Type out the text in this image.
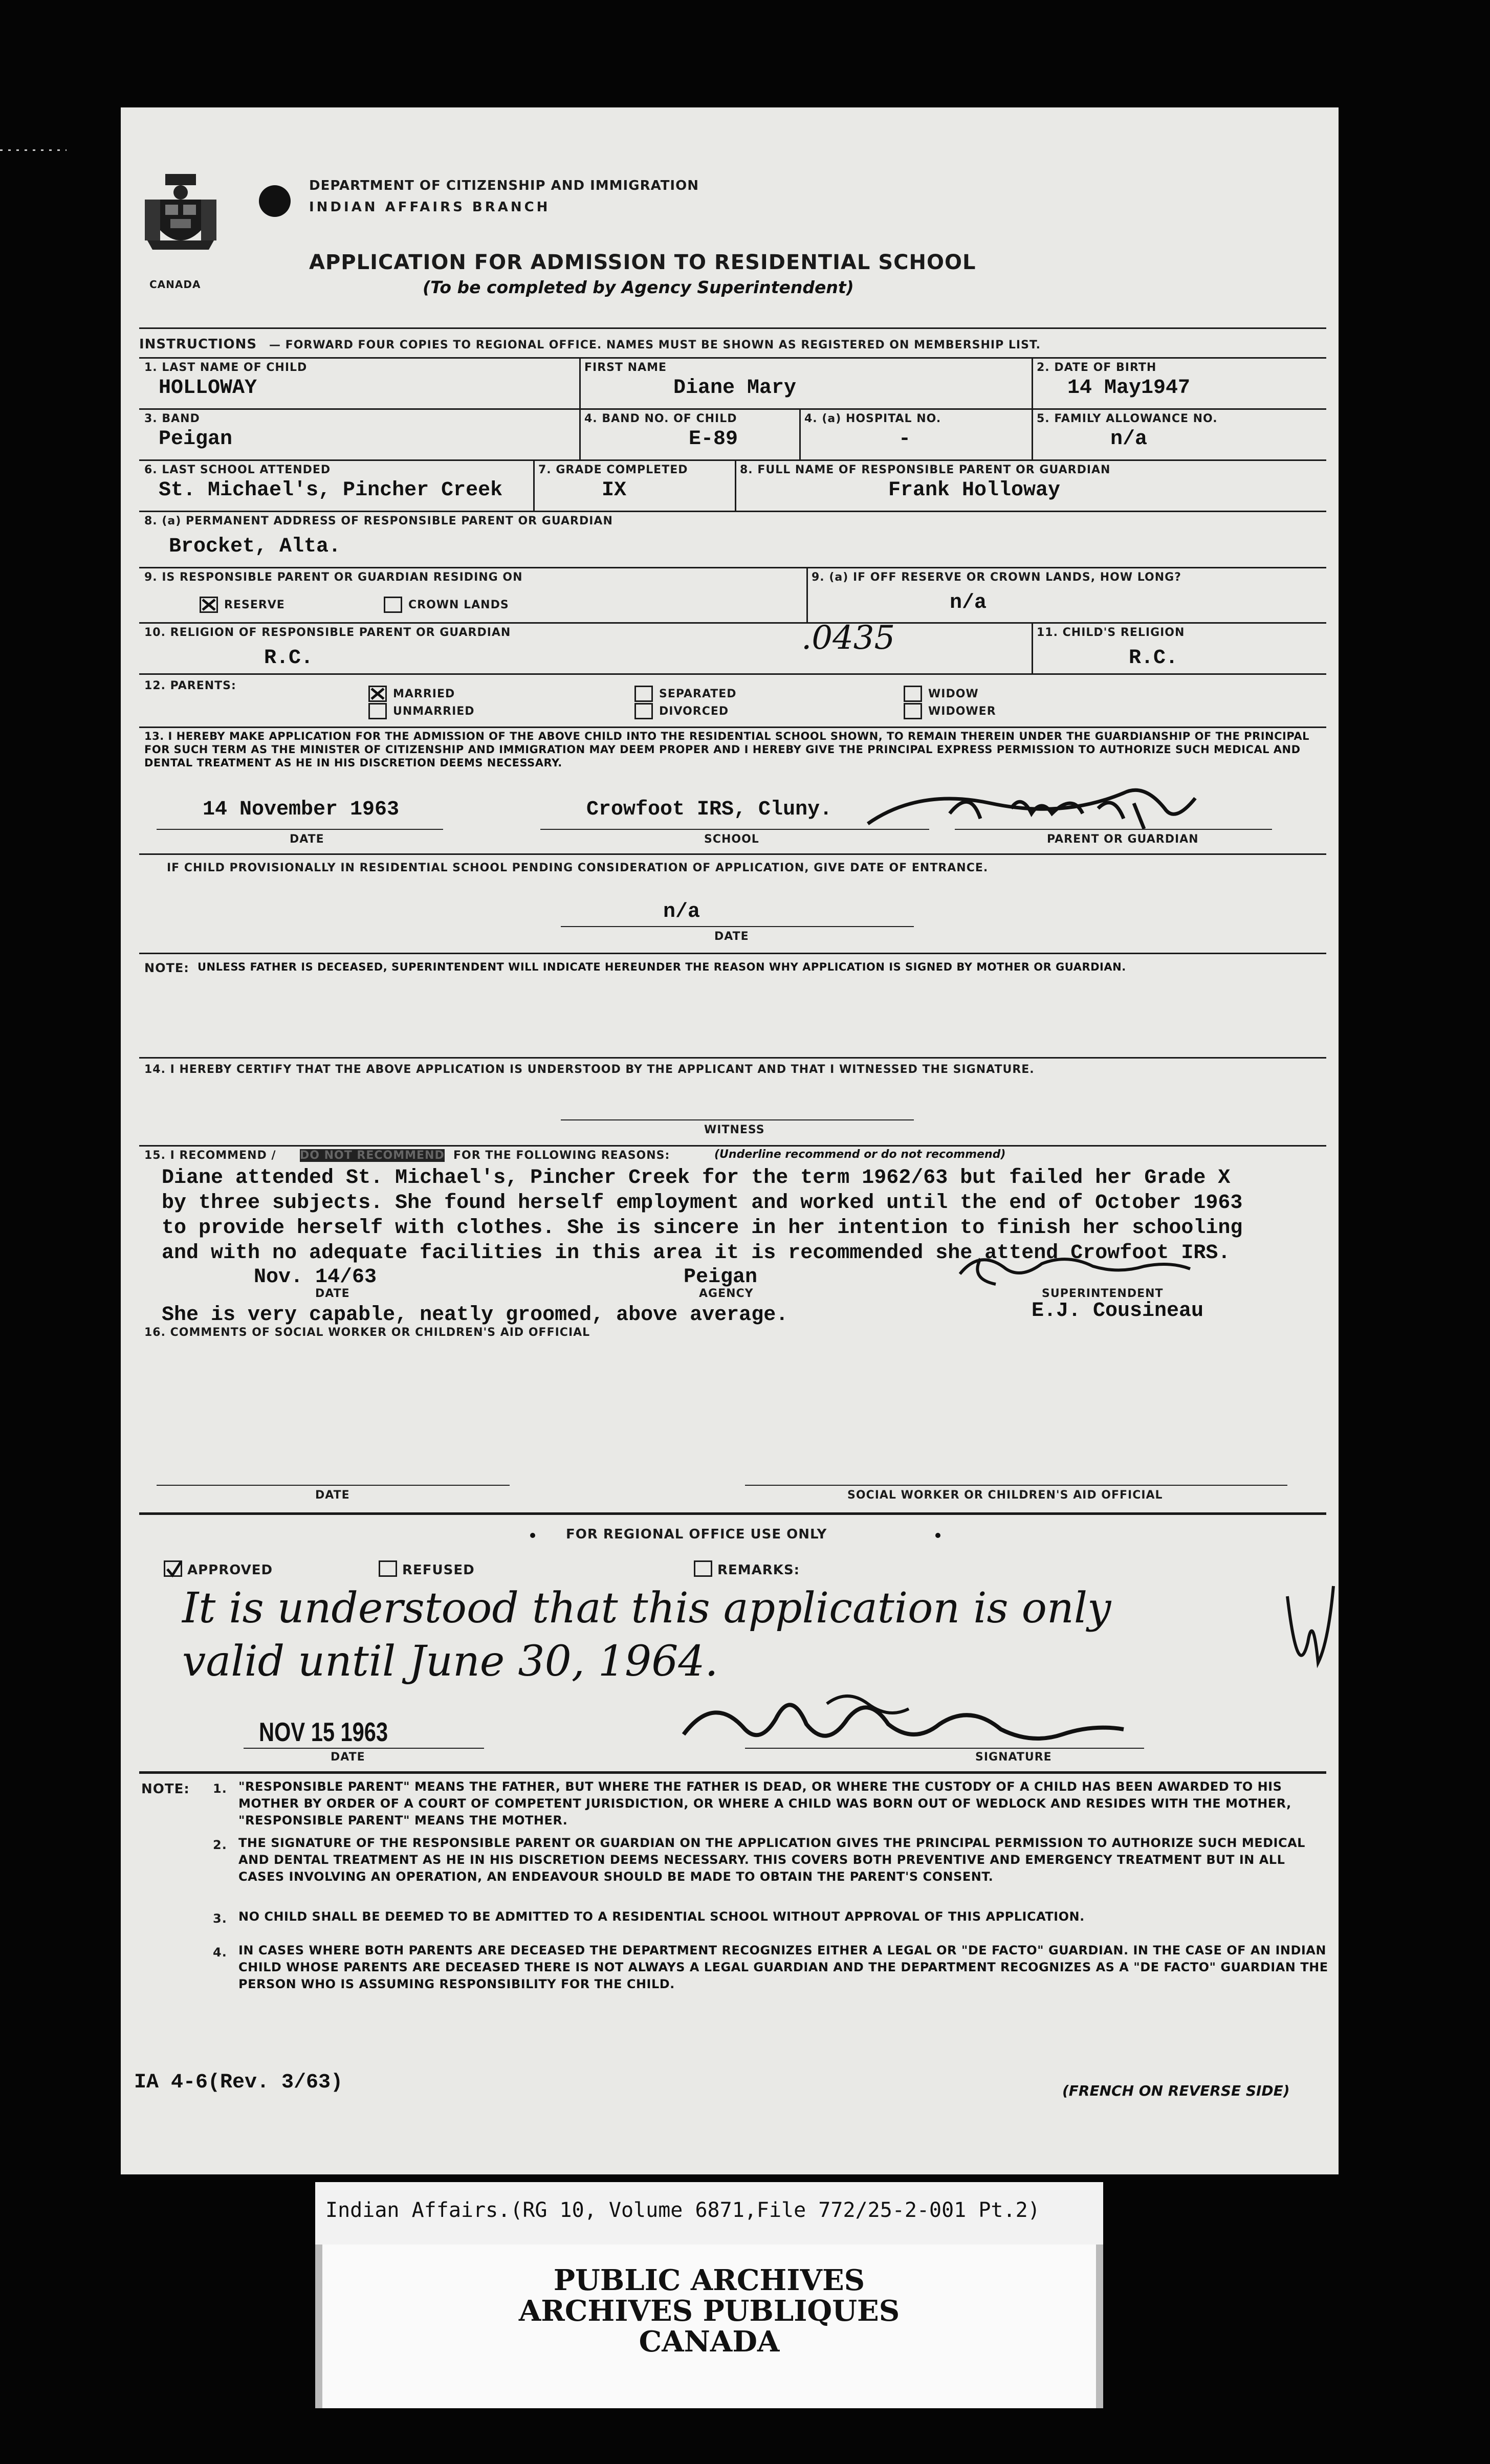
CANADA
DEPARTMENT OF CITIZENSHIP AND IMMIGRATION
INDIAN AFFAIRS BRANCH
APPLICATION FOR ADMISSION TO RESIDENTIAL SCHOOL
(To be completed by Agency Superintendent)
INSTRUCTIONS — FORWARD FOUR COPIES TO REGIONAL OFFICE. NAMES MUST BE SHOWN AS REGISTERED ON MEMBERSHIP LIST.
1. LAST NAME OF CHILD
HOLLOWAY
FIRST NAME
Diane Mary
2. DATE OF BIRTH
14 May1947
3. BAND
Peigan
4. BAND NO. OF CHILD
E-89
4. (a) HOSPITAL NO.
-
5. FAMILY ALLOWANCE NO.
n/a
6. LAST SCHOOL ATTENDED
St. Michael's, Pincher Creek
7. GRADE COMPLETED
IX
8. FULL NAME OF RESPONSIBLE PARENT OR GUARDIAN
Frank Holloway
8. (a) PERMANENT ADDRESS OF RESPONSIBLE PARENT OR GUARDIAN
Brocket, Alta.
9. IS RESPONSIBLE PARENT OR GUARDIAN RESIDING ON
RESERVE	CROWN LANDS
9. (a) IF OFF RESERVE OR CROWN LANDS, HOW LONG?
n/a
10. RELIGION OF RESPONSIBLE PARENT OR GUARDIAN
R.C.
.0435	11. CHILD'S RELIGION
R.C.
12. PARENTS:
MARRIED
UNMARRIED
SEPARATED
DIVORCED
WIDOW
WIDOWER
13. I HEREBY MAKE APPLICATION FOR THE ADMISSION OF THE ABOVE CHILD INTO THE RESIDENTIAL SCHOOL SHOWN, TO REMAIN THEREIN UNDER THE GUARDIANSHIP OF THE PRINCIPAL FOR SUCH TERM AS THE MINISTER OF CITIZENSHIP AND IMMIGRATION MAY DEEM PROPER AND I HEREBY GIVE THE PRINCIPAL EXPRESS PERMISSION TO AUTHORIZE SUCH MEDICAL AND DENTAL TREATMENT AS HE IN HIS DISCRETION DEEMS NECESSARY.
14 November 1963
DATE
Crowfoot IRS, Cluny.
SCHOOL	PARENT OR GUARDIAN
IF CHILD PROVISIONALLY IN RESIDENTIAL SCHOOL PENDING CONSIDERATION OF APPLICATION, GIVE DATE OF ENTRANCE.
n/a
DATE
NOTE: UNLESS FATHER IS DECEASED, SUPERINTENDENT WILL INDICATE HEREUNDER THE REASON WHY APPLICATION IS SIGNED BY MOTHER OR GUARDIAN.
14. I HEREBY CERTIFY THAT THE ABOVE APPLICATION IS UNDERSTOOD BY THE APPLICANT AND THAT I WITNESSED THE SIGNATURE.
WITNESS
15. I RECOMMEND / DO NOT RECOMMEND FOR THE FOLLOWING REASONS:	(Underline recommend or do not recommend)
Diane attended St. Michael's, Pincher Creek for the term 1962/63 but failed her Grade X
by three subjects. She found herself employment and worked until the end of October 1963
to provide herself with clothes. She is sincere in her intention to finish her schooling
and with no adequate facilities in this area it is recommended she attend Crowfoot IRS.
Nov. 14/63
DATE
Peigan
AGENCY	SUPERINTENDENT
E.J. Cousineau
She is very capable, neatly groomed, above average.
16. COMMENTS OF SOCIAL WORKER OR CHILDREN'S AID OFFICIAL
DATE	SOCIAL WORKER OR CHILDREN'S AID OFFICIAL
FOR REGIONAL OFFICE USE ONLY
APPROVED	REFUSED	REMARKS:
It is understood that this application is only
valid until June 30, 1964.
NOV 15 1963
DATE	SIGNATURE
NOTE: 1. "RESPONSIBLE PARENT" MEANS THE FATHER, BUT WHERE THE FATHER IS DEAD, OR WHERE THE CUSTODY OF A CHILD HAS BEEN AWARDED TO HIS MOTHER BY ORDER OF A COURT OF COMPETENT JURISDICTION, OR WHERE A CHILD WAS BORN OUT OF WEDLOCK AND RESIDES WITH THE MOTHER, "RESPONSIBLE PARENT" MEANS THE MOTHER.
2. THE SIGNATURE OF THE RESPONSIBLE PARENT OR GUARDIAN ON THE APPLICATION GIVES THE PRINCIPAL PERMISSION TO AUTHORIZE SUCH MEDICAL AND DENTAL TREATMENT AS HE IN HIS DISCRETION DEEMS NECESSARY. THIS COVERS BOTH PREVENTIVE AND EMERGENCY TREATMENT BUT IN ALL CASES INVOLVING AN OPERATION, AN ENDEAVOUR SHOULD BE MADE TO OBTAIN THE PARENT'S CONSENT.
3. NO CHILD SHALL BE DEEMED TO BE ADMITTED TO A RESIDENTIAL SCHOOL WITHOUT APPROVAL OF THIS APPLICATION.
4. IN CASES WHERE BOTH PARENTS ARE DECEASED THE DEPARTMENT RECOGNIZES EITHER A LEGAL OR "DE FACTO" GUARDIAN. IN THE CASE OF AN INDIAN CHILD WHOSE PARENTS ARE DECEASED THERE IS NOT ALWAYS A LEGAL GUARDIAN AND THE DEPARTMENT RECOGNIZES AS A "DE FACTO" GUARDIAN THE PERSON WHO IS ASSUMING RESPONSIBILITY FOR THE CHILD.
IA 4-6(Rev. 3/63)	(FRENCH ON REVERSE SIDE)
Indian Affairs.(RG 10, Volume 6871,File 772/25-2-001 Pt.2)
PUBLIC ARCHIVES
ARCHIVES PUBLIQUES
CANADA
